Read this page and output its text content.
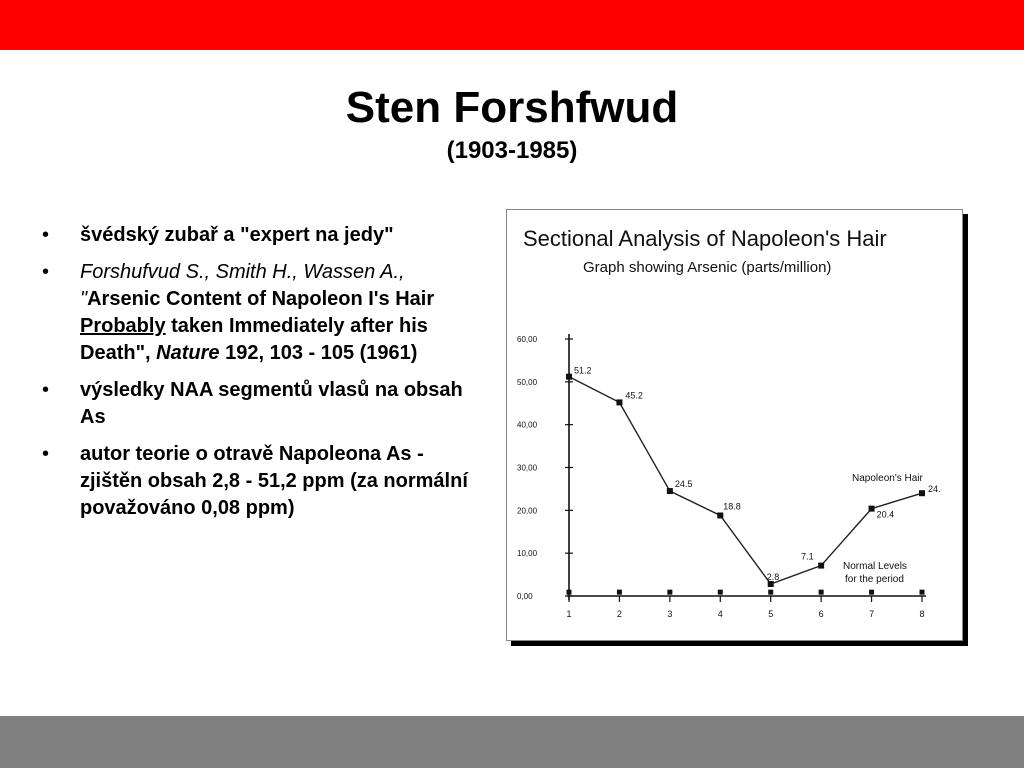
Sten Forshfwud
(1903-1985)
• švédský zubař a "expert na jedy"
• Forshufvud S., Smith H., Wassen A., "Arsenic Content of Napoleon I's Hair Probably taken Immediately after his Death", Nature 192, 103 - 105 (1961)
• výsledky NAA segmentů vlasů na obsah As
• autor teorie o otravě Napoleona As - zjištěn obsah 2,8 - 51,2 ppm (za normální považováno 0,08 ppm)
Sectional Analysis of Napoleon's Hair
Graph showing Arsenic (parts/million)
0,00
10,00
20,00
30,00
40,00
50,00
60,00
1	2	3	4	5	6	7	8
51.2
45.2
24.5
18.8
2.8
7.1
20.4
24.
Napoleon's Hair
Normal Levels
for the period
